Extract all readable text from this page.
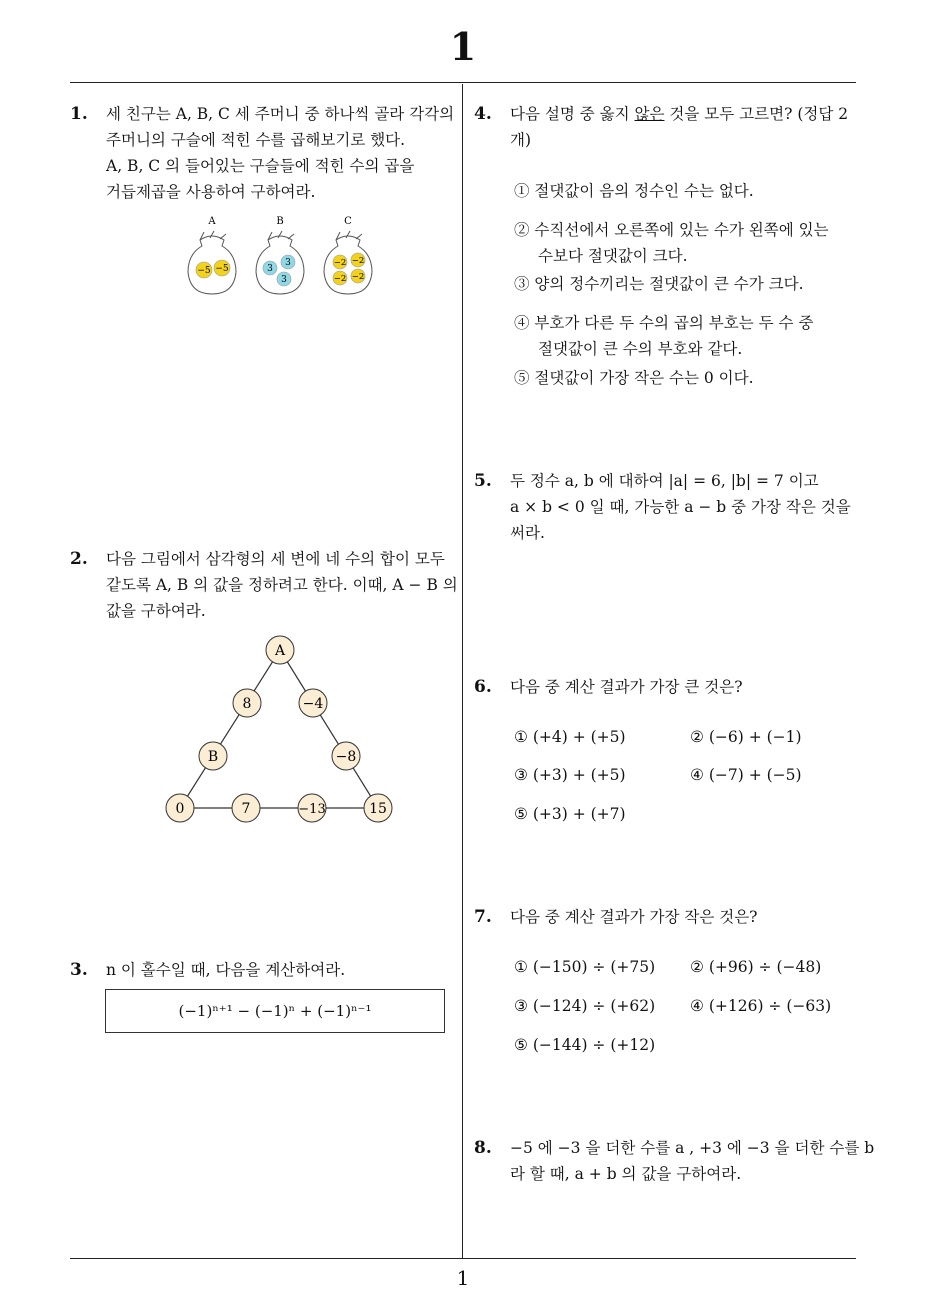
1
1
1. 세 친구는 A, B, C 세 주머니 중 하나씩 골라 각각의
주머니의 구슬에 적힌 수를 곱해보기로 했다.
A, B, C 의 들어있는 구슬들에 적힌 수의 곱을
거듭제곱을 사용하여 구하여라.
A
−5 −5
B
3
3
3
C
−2 −2
−2 −2
2. 다음 그림에서 삼각형의 세 변에 네 수의 합이 모두
같도록 A, B 의 값을 정하려고 한다. 이때, A − B 의
값을 구하여라.
A
8	−4
B	−8
0	7	−13	15
3. n 이 홀수일 때, 다음을 계산하여라.
(−1)ⁿ⁺¹ − (−1)ⁿ + (−1)ⁿ⁻¹
4. 다음 설명 중 옳지 않은 것을 모두 고르면? (정답 2
개)
① 절댓값이 음의 정수인 수는 없다.
② 수직선에서 오른쪽에 있는 수가 왼쪽에 있는
수보다 절댓값이 크다.
③ 양의 정수끼리는 절댓값이 큰 수가 크다.
④ 부호가 다른 두 수의 곱의 부호는 두 수 중
절댓값이 큰 수의 부호와 같다.
⑤ 절댓값이 가장 작은 수는 0 이다.
5. 두 정수 a, b 에 대하여 |a| = 6, |b| = 7 이고
a × b < 0 일 때, 가능한 a − b 중 가장 작은 것을
써라.
6. 다음 중 계산 결과가 가장 큰 것은?
① (+4) + (+5)	② (−6) + (−1)
③ (+3) + (+5)	④ (−7) + (−5)
⑤ (+3) + (+7)
7. 다음 중 계산 결과가 가장 작은 것은?
① (−150) ÷ (+75) ② (+96) ÷ (−48)
③ (−124) ÷ (+62) ④ (+126) ÷ (−63)
⑤ (−144) ÷ (+12)
8. −5 에 −3 을 더한 수를 a , +3 에 −3 을 더한 수를 b
라 할 때, a + b 의 값을 구하여라.
